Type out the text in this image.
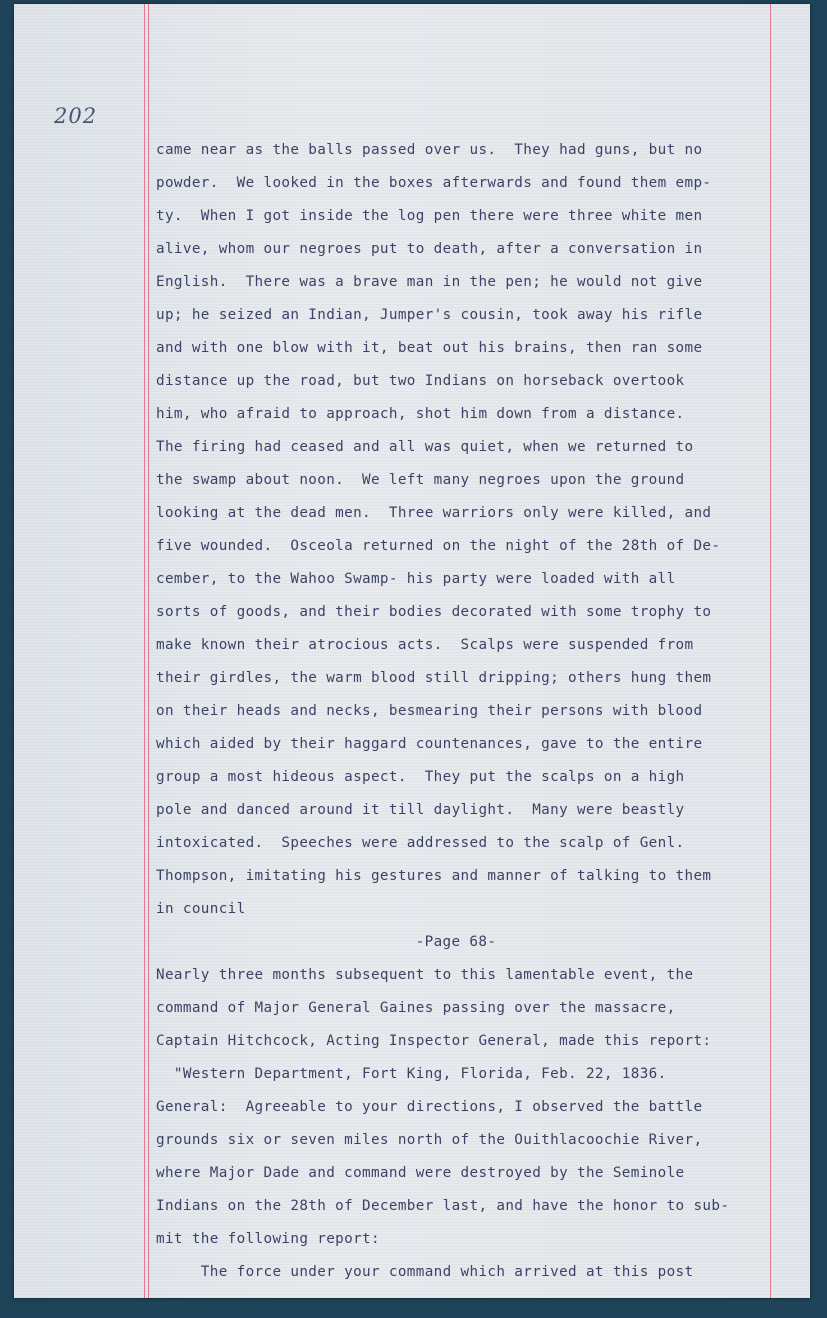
202
came near as the balls passed over us.  They had guns, but no
powder.  We looked in the boxes afterwards and found them emp-
ty.  When I got inside the log pen there were three white men
alive, whom our negroes put to death, after a conversation in
English.  There was a brave man in the pen; he would not give
up; he seized an Indian, Jumper's cousin, took away his rifle
and with one blow with it, beat out his brains, then ran some
distance up the road, but two Indians on horseback overtook
him, who afraid to approach, shot him down from a distance.
The firing had ceased and all was quiet, when we returned to
the swamp about noon.  We left many negroes upon the ground
looking at the dead men.  Three warriors only were killed, and
five wounded.  Osceola returned on the night of the 28th of De-
cember, to the Wahoo Swamp- his party were loaded with all
sorts of goods, and their bodies decorated with some trophy to
make known their atrocious acts.  Scalps were suspended from
their girdles, the warm blood still dripping; others hung them
on their heads and necks, besmearing their persons with blood
which aided by their haggard countenances, gave to the entire
group a most hideous aspect.  They put the scalps on a high
pole and danced around it till daylight.  Many were beastly
intoxicated.  Speeches were addressed to the scalp of Genl.
Thompson, imitating his gestures and manner of talking to them
in council
-Page 68-
Nearly three months subsequent to this lamentable event, the
command of Major General Gaines passing over the massacre,
Captain Hitchcock, Acting Inspector General, made this report:
"Western Department, Fort King, Florida, Feb. 22, 1836.
General:  Agreeable to your directions, I observed the battle
grounds six or seven miles north of the Ouithlacoochie River,
where Major Dade and command were destroyed by the Seminole
Indians on the 28th of December last, and have the honor to sub-
mit the following report:
The force under your command which arrived at this post
